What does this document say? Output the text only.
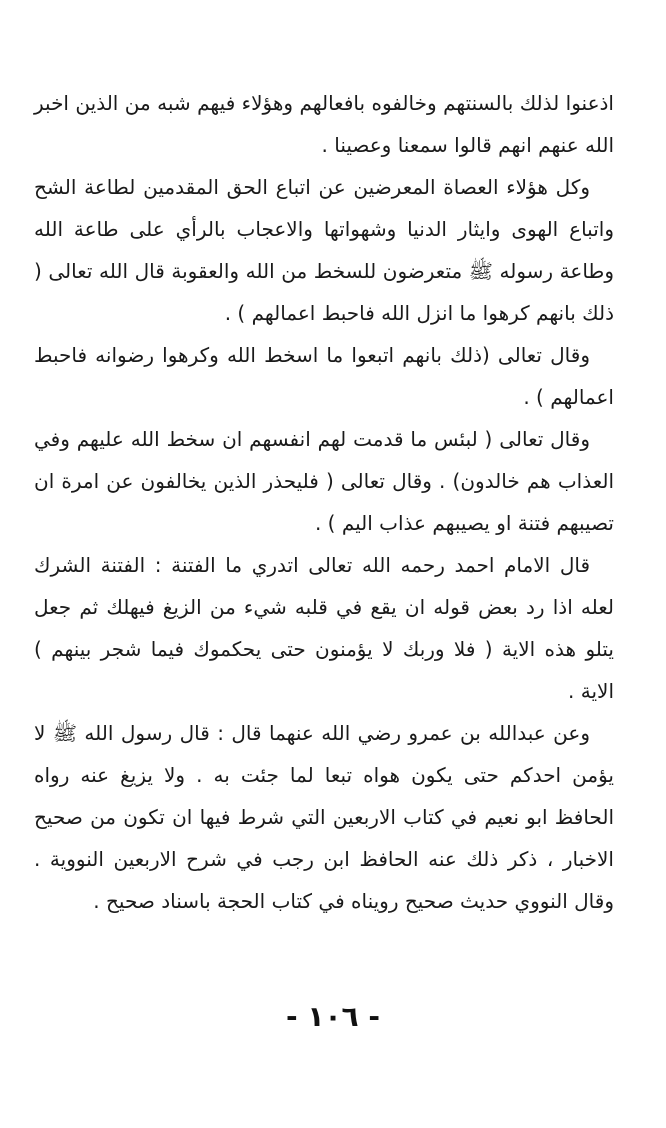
اذعنوا لذلك بالسنتهم وخالفوه بافعالهم وهؤلاء فيهم شبه من الذين اخبر الله عنهم انهم قالوا سمعنا وعصينا .

وكل هؤلاء العصاة المعرضين عن اتباع الحق المقدمين لطاعة الشح واتباع الهوى وايثار الدنيا وشهواتها والاعجاب بالرأي على طاعة الله وطاعة رسوله ﷺ متعرضون للسخط من الله والعقوبة قال الله تعالى ( ذلك بانهم كرهوا ما انزل الله فاحبط اعمالهم ) .

وقال تعالى (ذلك بانهم اتبعوا ما اسخط الله وكرهوا رضوانه فاحبط اعمالهم ) .

وقال تعالى ( لبئس ما قدمت لهم انفسهم ان سخط الله عليهم وفي العذاب هم خالدون) . وقال تعالى ( فليحذر الذين يخالفون عن امرة ان تصيبهم فتنة او يصيبهم عذاب اليم ) .

قال الامام احمد رحمه الله تعالى اتدري ما الفتنة : الفتنة الشرك لعله اذا رد بعض قوله ان يقع في قلبه شيء من الزيغ فيهلك ثم جعل يتلو هذه الاية ( فلا وربك لا يؤمنون حتى يحكموك فيما شجر بينهم ) الاية .

وعن عبدالله بن عمرو رضي الله عنهما قال : قال رسول الله ﷺ لا يؤمن احدكم حتى يكون هواه تبعا لما جئت به . ولا يزيغ عنه رواه الحافظ ابو نعيم في كتاب الاربعين التي شرط فيها ان تكون من صحيح الاخبار ، ذكر ذلك عنه الحافظ ابن رجب في شرح الاربعين النووية . وقال النووي حديث صحيح رويناه في كتاب الحجة باسناد صحيح .

- ١٠٦ -
